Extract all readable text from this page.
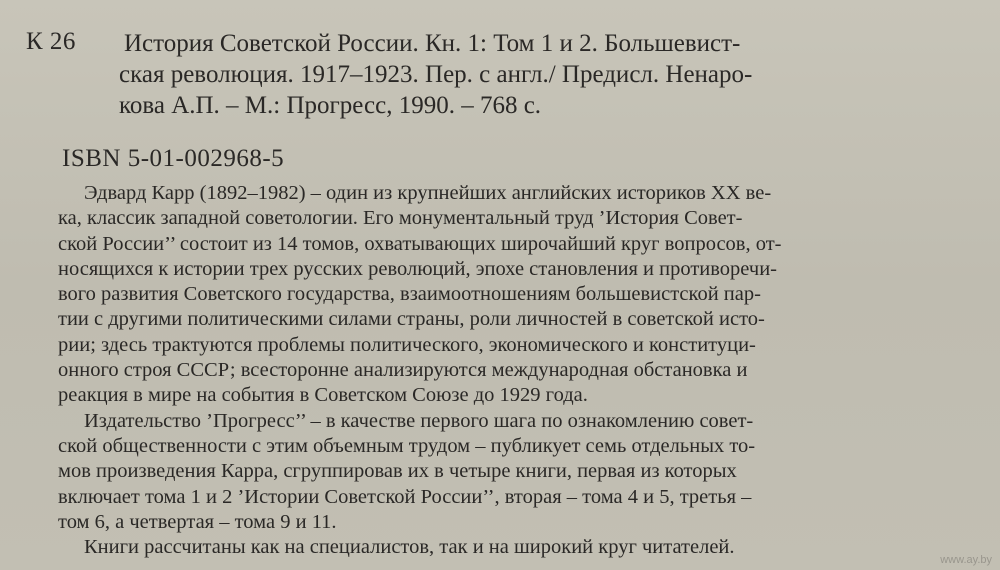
К 26 История Советской России. Кн. 1: Том 1 и 2. Большевист-
ская революция. 1917–1923. Пер. с англ./ Предисл. Ненаро-
кова А.П. – М.: Прогресс, 1990. – 768 с.
ISBN 5-01-002968-5
Эдвард Карр (1892–1982) – один из крупнейших английских историков XX ве-
ка, классик западной советологии. Его монументальный труд ’История Совет-
ской России’’ состоит из 14 томов, охватывающих широчайший круг вопросов, от-
носящихся к истории трех русских революций, эпохе становления и противоречи-
вого развития Советского государства, взаимоотношениям большевистской пар-
тии с другими политическими силами страны, роли личностей в советской исто-
рии; здесь трактуются проблемы политического, экономического и конституци-
онного строя СССР; всесторонне анализируются международная обстановка и
реакция в мире на события в Советском Союзе до 1929 года.
Издательство ’Прогресс’’ – в качестве первого шага по ознакомлению совет-
ской общественности с этим объемным трудом – публикует семь отдельных то-
мов произведения Карра, сгруппировав их в четыре книги, первая из которых
включает тома 1 и 2 ’Истории Советской России’’, вторая – тома 4 и 5, третья –
том 6, а четвертая – тома 9 и 11.
Книги рассчитаны как на специалистов, так и на широкий круг читателей.
www.ay.by
